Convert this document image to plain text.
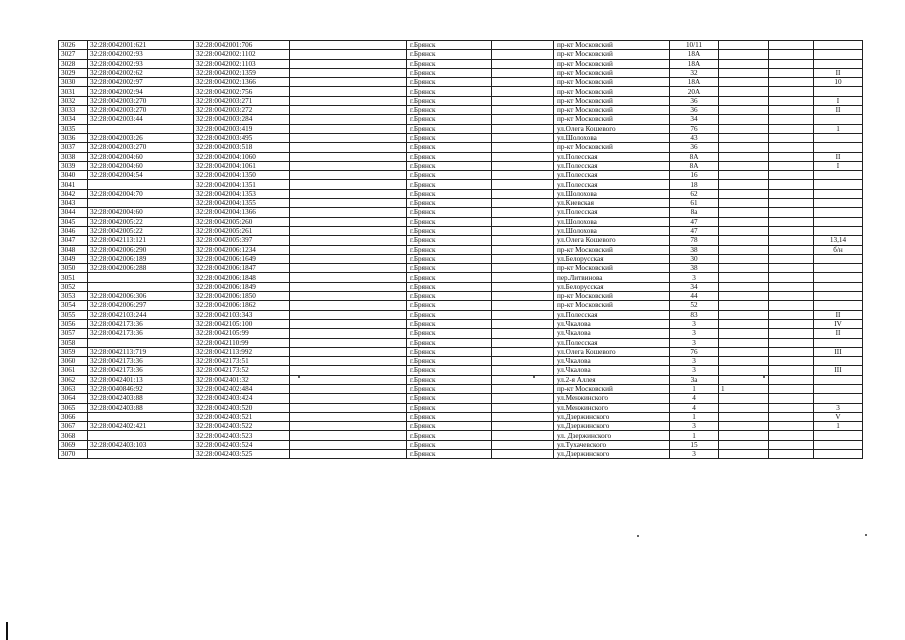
3026	32:28:0042001:621	32:28:0042001:706		г.Брянск		пр-кт Московский	10/11			
3027	32:28:0042002:93	32:28:0042002:1102		г.Брянск		пр-кт Московский	18А			
3028	32:28:0042002:93	32:28:0042002:1103		г.Брянск		пр-кт Московский	18А			
3029	32:28:0042002:62	32:28:0042002:1359		г.Брянск		пр-кт Московский	32			II
3030	32:28:0042002:97	32:28:0042002:1366		г.Брянск		пр-кт Московский	18А			10
3031	32:28:0042002:94	32:28:0042002:756		г.Брянск		пр-кт Московский	20А			
3032	32:28:0042003:270	32:28:0042003:271		г.Брянск		пр-кт Московский	36			I
3033	32:28:0042003:270	32:28:0042003:272		г.Брянск		пр-кт Московский	36			II
3034	32:28:0042003:44	32:28:0042003:284		г.Брянск		пр-кт Московский	34			
3035		32:28:0042003:419		г.Брянск		ул.Олега Кошевого	76			1
3036	32:28:0042003:26	32:28:0042003:495		г.Брянск		ул.Шолохова	43			
3037	32:28:0042003:270	32:28:0042003:518		г.Брянск		пр-кт Московский	36			
3038	32:28:0042004:60	32:28:0042004:1060		г.Брянск		ул.Полесская	8А			II
3039	32:28:0042004:60	32:28:0042004:1061		г.Брянск		ул.Полесская	8А			I
3040	32:28:0042004:54	32:28:0042004:1350		г.Брянск		ул.Полесская	16			
3041		32:28:0042004:1351		г.Брянск		ул.Полесская	18			
3042	32:28:0042004:70	32:28:0042004:1353		г.Брянск		ул.Шолохова	62			
3043		32:28:0042004:1355		г.Брянск		ул.Киевская	61			
3044	32:28:0042004:60	32:28:0042004:1366		г.Брянск		ул.Полесская	8а			
3045	32:28:0042005:22	32:28:0042005:260		г.Брянск		ул.Шолохова	47			
3046	32:28:0042005:22	32:28:0042005:261		г.Брянск		ул.Шолохова	47			
3047	32:28:0042113:121	32:28:0042005:397		г.Брянск		ул.Олега Кошевого	78			13,14
3048	32:28:0042006:290	32:28:0042006:1234		г.Брянск		пр-кт Московский	38			б/н
3049	32:28:0042006:189	32:28:0042006:1649		г.Брянск		ул.Белорусская	30			
3050	32:28:0042006:288	32:28:0042006:1847		г.Брянск		пр-кт Московский	38			
3051		32:28:0042006:1848		г.Брянск		пер.Литвинова	3			
3052		32:28:0042006:1849		г.Брянск		ул.Белорусская	34			
3053	32:28:0042006:306	32:28:0042006:1850		г.Брянск		пр-кт Московский	44			
3054	32:28:0042006:297	32:28:0042006:1862		г.Брянск		пр-кт Московский	52			
3055	32:28:0042103:244	32:28:0042103:343		г.Брянск		ул.Полесская	83			II
3056	32:28:0042173:36	32:28:0042105:100		г.Брянск		ул.Чкалова	3			IV
3057	32:28:0042173:36	32:28:0042105:99		г.Брянск		ул.Чкалова	3			II
3058		32:28:0042110:99		г.Брянск		ул.Полесская	3			
3059	32:28:0042113:719	32:28:0042113:992		г.Брянск		ул.Олега Кошевого	76			III
3060	32:28:0042173:36	32:28:0042173:51		г.Брянск		ул.Чкалова	3			
3061	32:28:0042173:36	32:28:0042173:52		г.Брянск		ул.Чкалова	3			III
3062	32:28:0042401:13	32:28:0042401:32		г.Брянск		ул.2-я Аллея	3а			
3063	32:28:0040846:92	32:28:0042402:484		г.Брянск		пр-кт Московский	1	1		
3064	32:28:0042403:88	32:28:0042403:424		г.Брянск		ул.Менжинского	4			
3065	32:28:0042403:88	32:28:0042403:520		г.Брянск		ул.Менжинского	4			3
3066		32:28:0042403:521		г.Брянск		ул.Дзержинского	1			V
3067	32:28:0042402:421	32:28:0042403:522		г.Брянск		ул.Дзержинского	3			1
3068		32:28:0042403:523		г.Брянск		ул. Дзержинского	1			
3069	32:28:0042403:103	32:28:0042403:524		г.Брянск		ул.Тухачевского	15			
3070		32:28:0042403:525		г.Брянск		ул.Дзержинского	3			
